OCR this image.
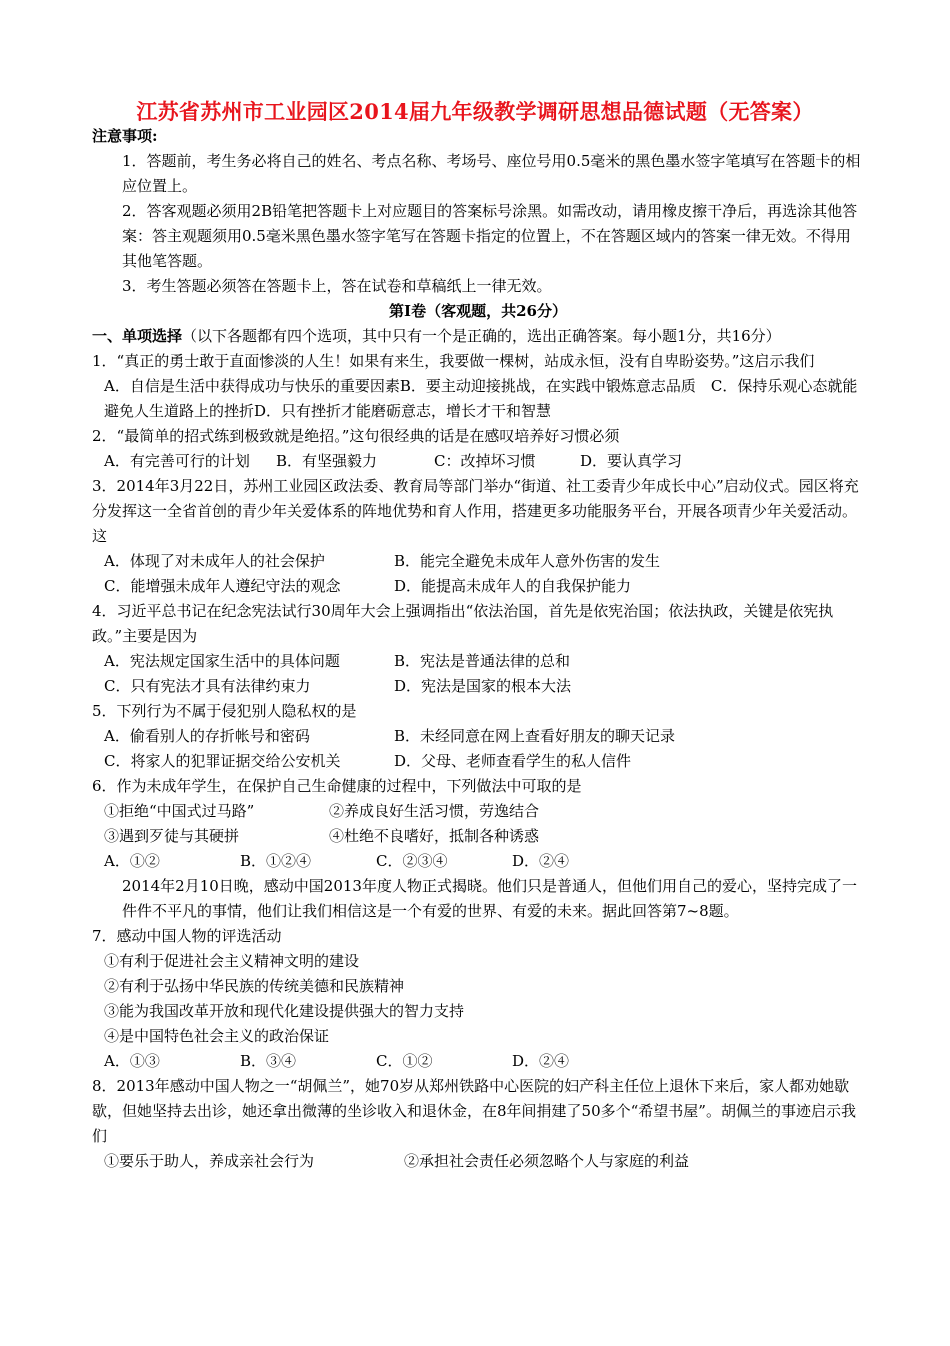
江苏省苏州市工业园区2014届九年级教学调研思想品德试题（无答案）

注意事项:

1．答题前，考生务必将自己的姓名、考点名称、考场号、座位号用0.5毫米的黑色墨水签字笔填写在答题卡的相应位置上。

2．答客观题必须用2B铅笔把答题卡上对应题目的答案标号涂黑。如需改动，请用橡皮擦干净后，再选涂其他答案：答主观题须用0.5毫米黑色墨水签字笔写在答题卡指定的位置上，不在答题区域内的答案一律无效。不得用其他笔答题。

3．考生答题必须答在答题卡上，答在试卷和草稿纸上一律无效。

第Ⅰ卷（客观题，共26分）

一、单项选择（以下各题都有四个选项，其中只有一个是正确的，选出正确答案。每小题1分，共16分）

1．“真正的勇士敢于直面惨淡的人生！如果有来生，我要做一棵树，站成永恒，没有自卑盼姿势。”这启示我们

A．自信是生活中获得成功与快乐的重要因素B．要主动迎接挑战，在实践中锻炼意志品质　C．保持乐观心态就能避免人生道路上的挫折D．只有挫折才能磨砺意志，增长才干和智慧

2．“最简单的招式练到极致就是绝招。”这句很经典的话是在感叹培养好习惯必须

A．有完善可行的计划	B．有坚强毅力	C：改掉坏习惯	D．要认真学习

3．2014年3月22日，苏州工业园区政法委、教育局等部门举办“街道、社工委青少年成长中心”启动仪式。园区将充分发挥这一全省首创的青少年关爱体系的阵地优势和育人作用，搭建更多功能服务平台，开展各项青少年关爱活动。这

A．体现了对未成年人的社会保护	B．能完全避免未成年人意外伤害的发生
C．能增强未成年人遵纪守法的观念	D．能提高未成年人的自我保护能力

4．习近平总书记在纪念宪法试行30周年大会上强调指出“依法治国，首先是依宪治国；依法执政，关键是依宪执政。”主要是因为

A．宪法规定国家生活中的具体问题	B．宪法是普通法律的总和
C．只有宪法才具有法律约束力	D．宪法是国家的根本大法

5．下列行为不属于侵犯别人隐私权的是

A．偷看别人的存折帐号和密码	B．未经同意在网上查看好朋友的聊天记录
C．将家人的犯罪证据交给公安机关	D．父母、老师查看学生的私人信件

6．作为未成年学生，在保护自己生命健康的过程中，下列做法中可取的是

①拒绝“中国式过马路”	②养成良好生活习惯，劳逸结合
③遇到歹徒与其硬拼	④杜绝不良嗜好，抵制各种诱惑
A．①②	B．①②④	C．②③④	D．②④

2014年2月10日晚，感动中国2013年度人物正式揭晓。他们只是普通人，但他们用自己的爱心，坚持完成了一件件不平凡的事情，他们让我们相信这是一个有爱的世界、有爱的未来。据此回答第7~8题。

7．感动中国人物的评选活动

①有利于促进社会主义精神文明的建设

②有利于弘扬中华民族的传统美德和民族精神

③能为我国改革开放和现代化建设提供强大的智力支持

④是中国特色社会主义的政治保证

A．①③	B．③④	C．①②	D．②④

8．2013年感动中国人物之一“胡佩兰”，她70岁从郑州铁路中心医院的妇产科主任位上退休下来后，家人都劝她歇歇，但她坚持去出诊，她还拿出微薄的坐诊收入和退休金，在8年间捐建了50多个“希望书屋”。胡佩兰的事迹启示我们

①要乐于助人，养成亲社会行为	②承担社会责任必须忽略个人与家庭的利益
